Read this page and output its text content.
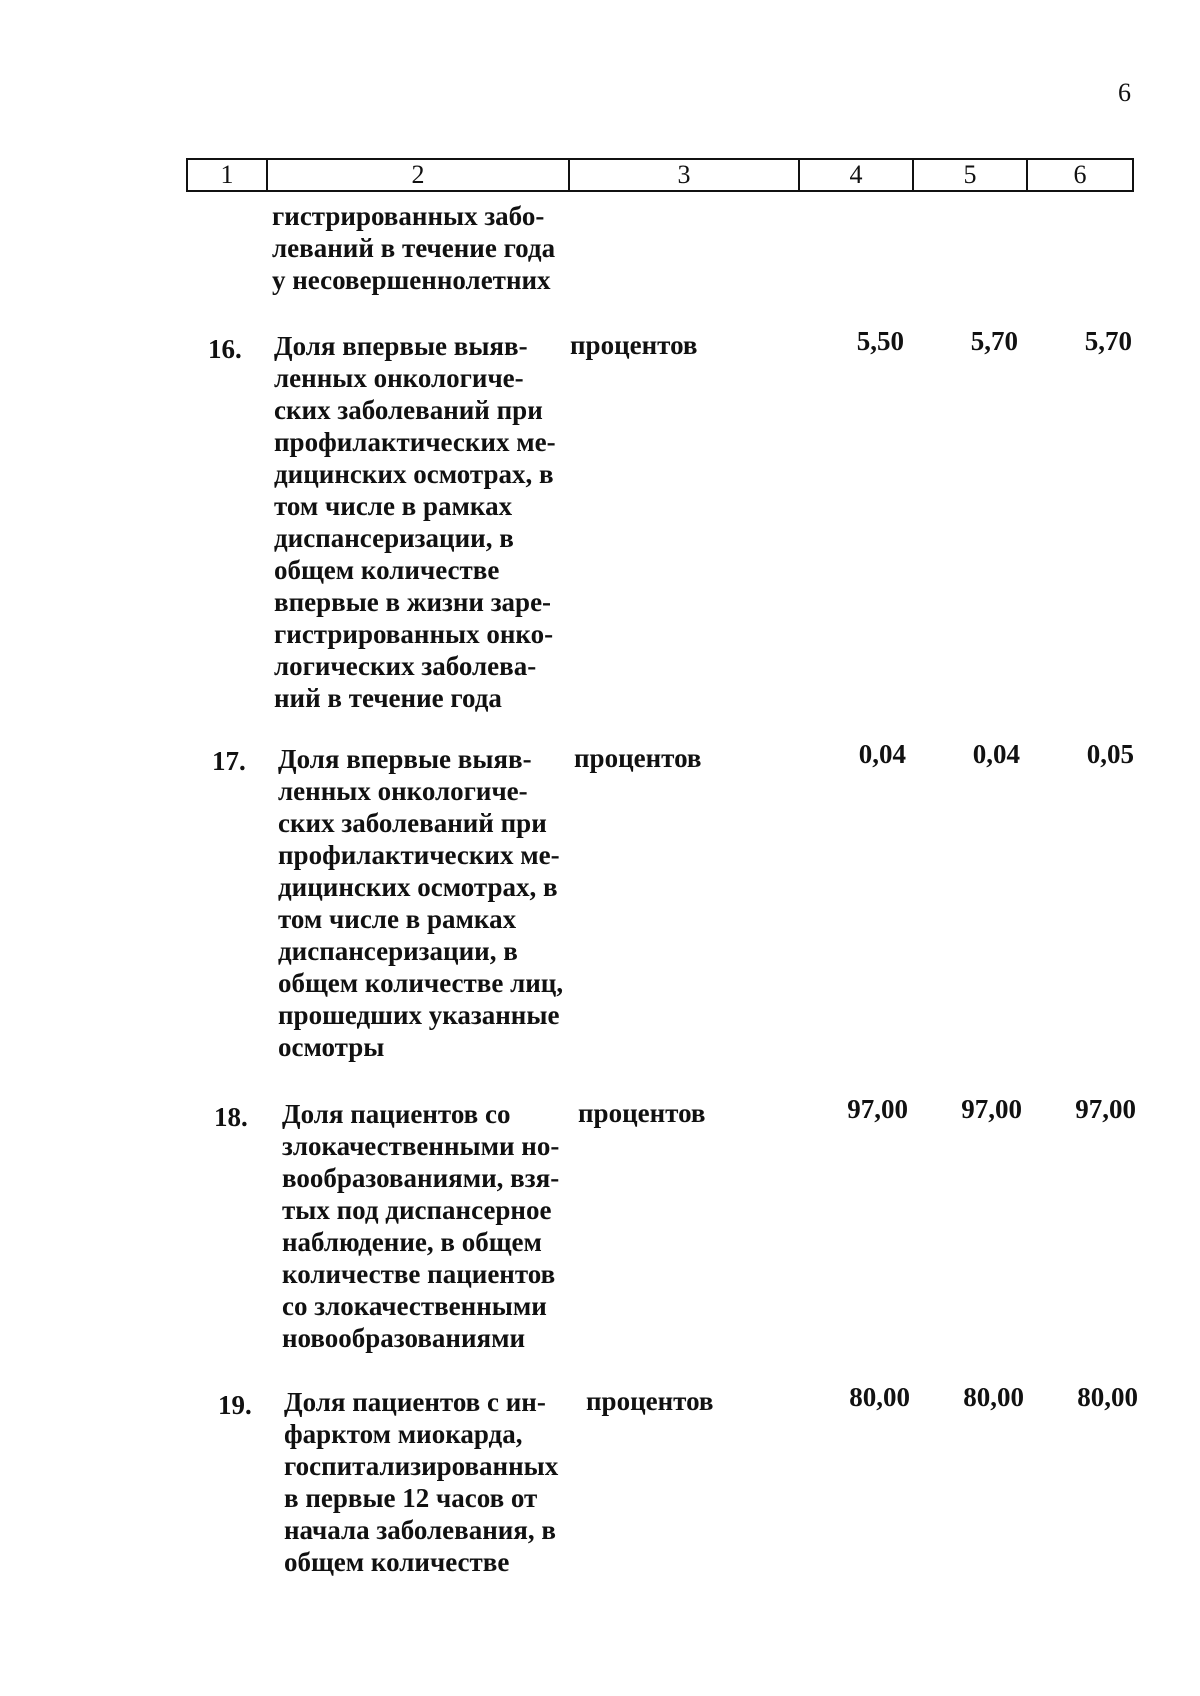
6
1	2	3	4	5	6
гистрированных забо-
леваний в течение года
у несовершеннолетних
16. Доля впервые выяв-
ленных онкологиче-
ских заболеваний при
профилактических ме-
дицинских осмотрах, в
том числе в рамках
диспансеризации, в
общем количестве
впервые в жизни заре-
гистрированных онко-
логических заболева-
ний в течение года
процентов	5,50	5,70	5,70
17. Доля впервые выяв-
ленных онкологиче-
ских заболеваний при
профилактических ме-
дицинских осмотрах, в
том числе в рамках
диспансеризации, в
общем количестве лиц,
прошедших указанные
осмотры
процентов	0,04	0,04	0,05
18. Доля пациентов со
злокачественными но-
вообразованиями, взя-
тых под диспансерное
наблюдение, в общем
количестве пациентов
со злокачественными
новообразованиями
процентов	97,00	97,00	97,00
19. Доля пациентов с ин-
фарктом миокарда,
госпитализированных
в первые 12 часов от
начала заболевания, в
общем количестве
процентов	80,00	80,00	80,00
